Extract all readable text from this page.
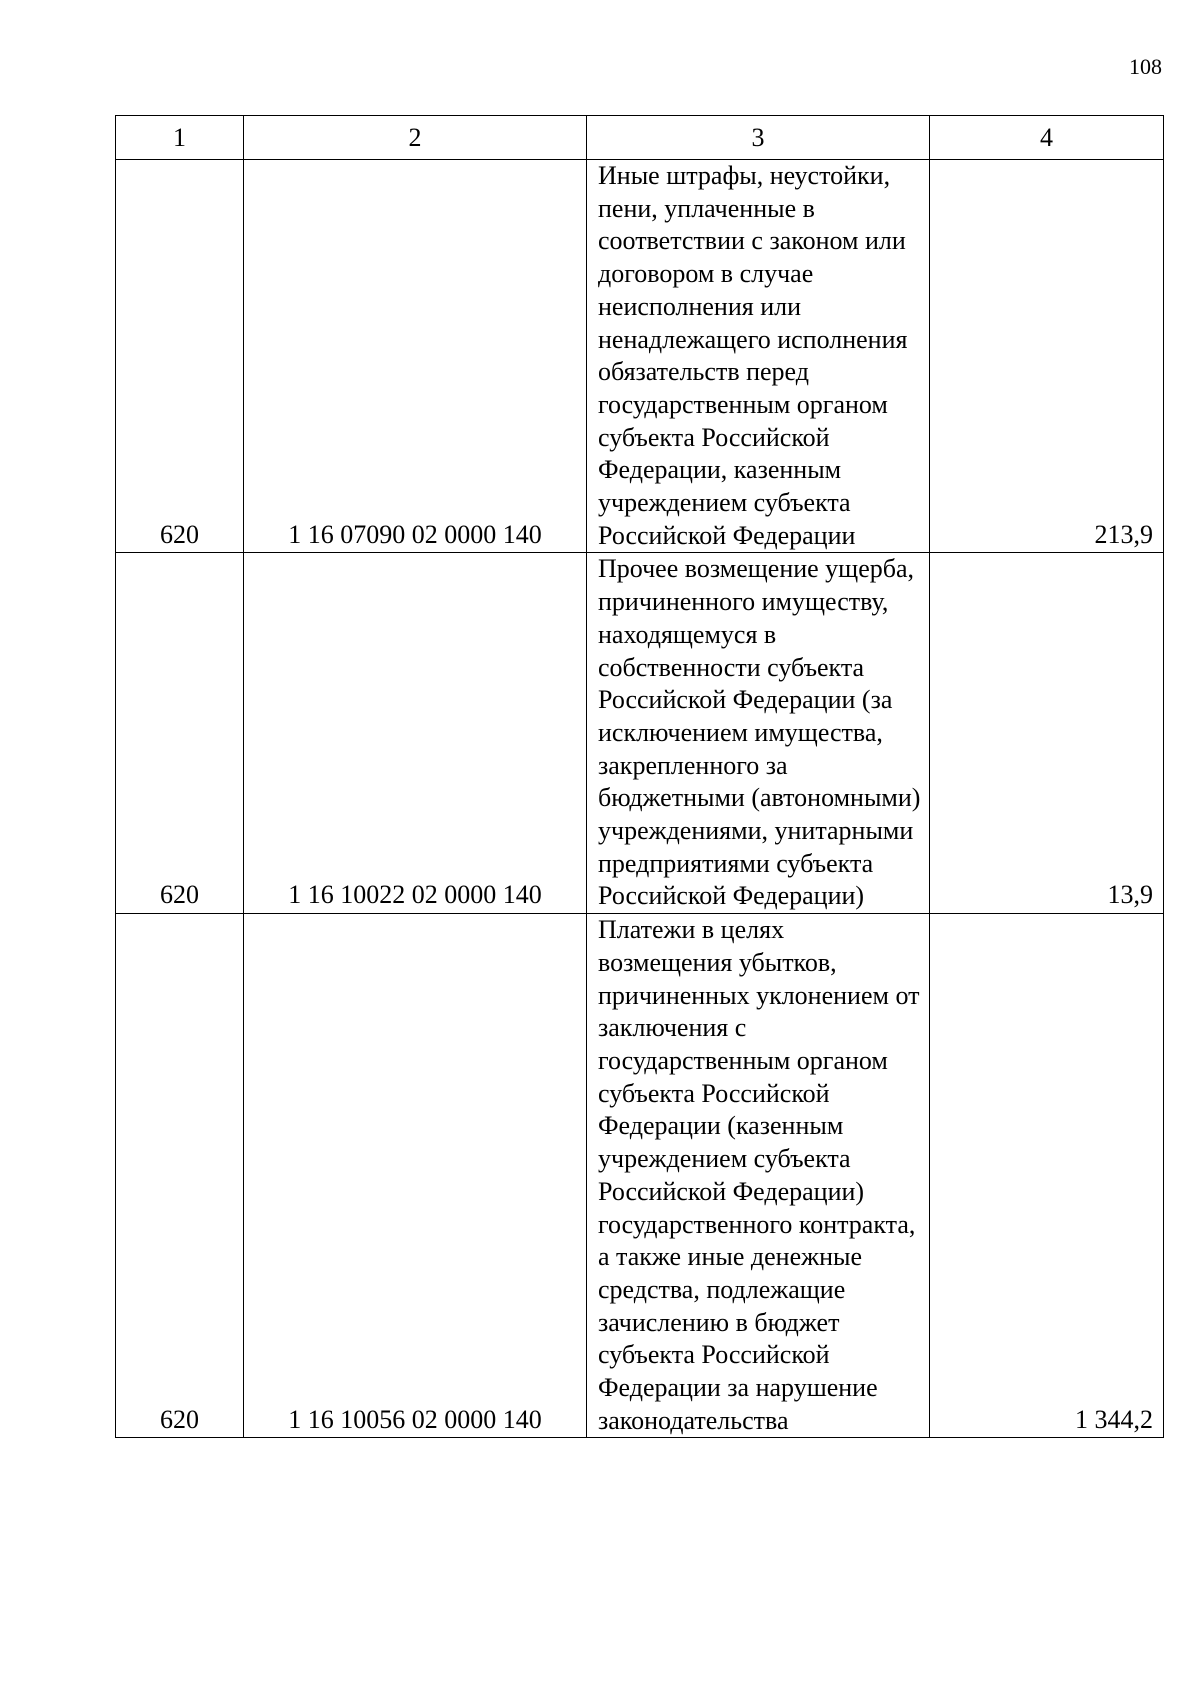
108
1	2	3	4
620	1 16 07090 02 0000 140	Иные штрафы, неустойки, пени, уплаченные в соответствии с законом или договором в случае неисполнения или ненадлежащего исполнения обязательств перед государственным органом субъекта Российской Федерации, казенным учреждением субъекта Российской Федерации	213,9
620	1 16 10022 02 0000 140	Прочее возмещение ущерба, причиненного имуществу, находящемуся в собственности субъекта Российской Федерации (за исключением имущества, закрепленного за бюджетными (автономными) учреждениями, унитарными предприятиями субъекта Российской Федерации)	13,9
620	1 16 10056 02 0000 140	Платежи в целях возмещения убытков, причиненных уклонением от заключения с государственным органом субъекта Российской Федерации (казенным учреждением субъекта Российской Федерации) государственного контракта, а также иные денежные средства, подлежащие зачислению в бюджет субъекта Российской Федерации за нарушение законодательства	1 344,2
